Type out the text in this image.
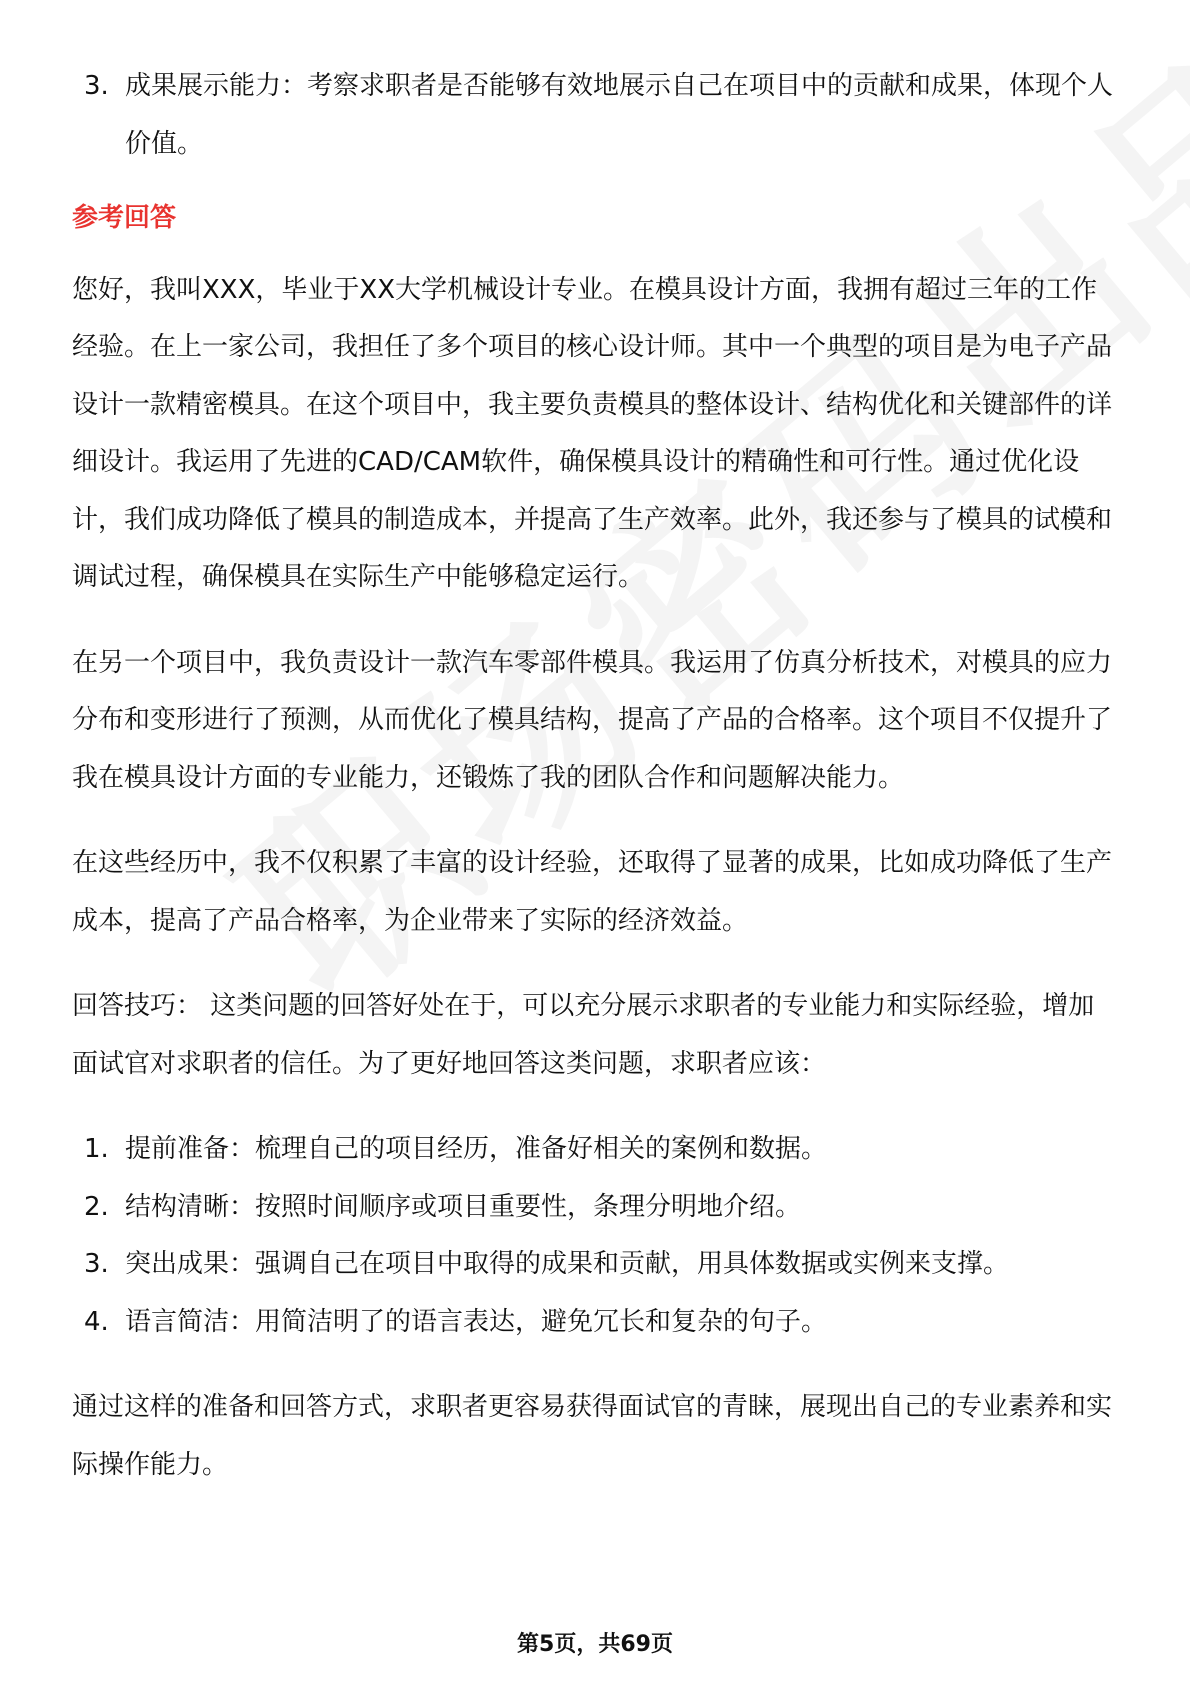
3. 成果展示能力：考察求职者是否能够有效地展示自己在项目中的贡献和成果，体现个人价值。
参考回答

您好，我叫XXX，毕业于XX大学机械设计专业。在模具设计方面，我拥有超过三年的工作经验。在上一家公司，我担任了多个项目的核心设计师。其中一个典型的项目是为电子产品设计一款精密模具。在这个项目中，我主要负责模具的整体设计、结构优化和关键部件的详细设计。我运用了先进的CAD/CAM软件，确保模具设计的精确性和可行性。通过优化设计，我们成功降低了模具的制造成本，并提高了生产效率。此外，我还参与了模具的试模和调试过程，确保模具在实际生产中能够稳定运行。

在另一个项目中，我负责设计一款汽车零部件模具。我运用了仿真分析技术，对模具的应力分布和变形进行了预测，从而优化了模具结构，提高了产品的合格率。这个项目不仅提升了我在模具设计方面的专业能力，还锻炼了我的团队合作和问题解决能力。

在这些经历中，我不仅积累了丰富的设计经验，还取得了显著的成果，比如成功降低了生产成本，提高了产品合格率，为企业带来了实际的经济效益。

回答技巧： 这类问题的回答好处在于，可以充分展示求职者的专业能力和实际经验，增加面试官对求职者的信任。为了更好地回答这类问题，求职者应该：

1. 提前准备：梳理自己的项目经历，准备好相关的案例和数据。
2. 结构清晰：按照时间顺序或项目重要性，条理分明地介绍。
3. 突出成果：强调自己在项目中取得的成果和贡献，用具体数据或实例来支撑。
4. 语言简洁：用简洁明了的语言表达，避免冗长和复杂的句子。

通过这样的准备和回答方式，求职者更容易获得面试官的青睐，展现出自己的专业素养和实际操作能力。

第5页，共69页
